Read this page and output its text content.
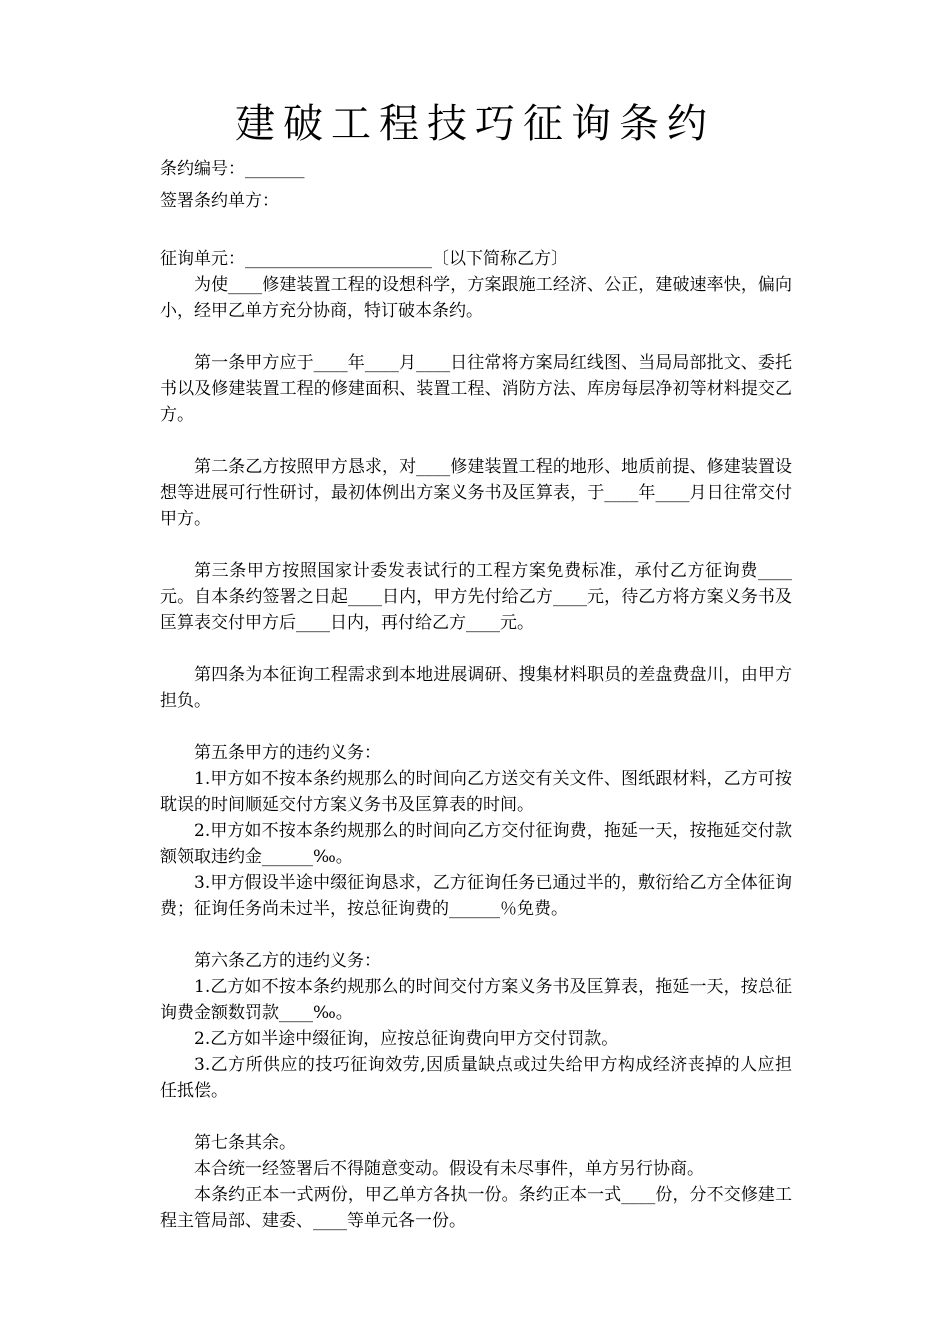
建破工程技巧征询条约

条约编号：_______

签署条约单方：

征询单元：______________________〔以下简称乙方〕

为使____修建装置工程的设想科学，方案跟施工经济、公正，建破速率快，偏向小，经甲乙单方充分协商，特订破本条约。

第一条甲方应于____年____月____日往常将方案局红线图、当局局部批文、委托书以及修建装置工程的修建面积、装置工程、消防方法、库房每层净初等材料提交乙方。

第二条乙方按照甲方恳求，对____修建装置工程的地形、地质前提、修建装置设想等进展可行性研讨，最初体例出方案义务书及匡算表，于____年____月日往常交付甲方。

第三条甲方按照国家计委发表试行的工程方案免费标准，承付乙方征询费____元。自本条约签署之日起____日内，甲方先付给乙方____元，待乙方将方案义务书及匡算表交付甲方后____日内，再付给乙方____元。

第四条为本征询工程需求到本地进展调研、搜集材料职员的差盘费盘川，由甲方担负。

第五条甲方的违约义务：

1.甲方如不按本条约规那么的时间向乙方送交有关文件、图纸跟材料，乙方可按耽误的时间顺延交付方案义务书及匡算表的时间。

2.甲方如不按本条约规那么的时间向乙方交付征询费，拖延一天，按拖延交付款额领取违约金______‰。

3.甲方假设半途中缀征询恳求，乙方征询任务已通过半的，敷衍给乙方全体征询费；征询任务尚未过半，按总征询费的______％免费。

第六条乙方的违约义务：

1.乙方如不按本条约规那么的时间交付方案义务书及匡算表，拖延一天，按总征询费金额数罚款____‰。

2.乙方如半途中缀征询，应按总征询费向甲方交付罚款。

3.乙方所供应的技巧征询效劳,因质量缺点或过失给甲方构成经济丧掉的人应担任抵偿。

第七条其余。

本合统一经签署后不得随意变动。假设有未尽事件，单方另行协商。

本条约正本一式两份，甲乙单方各执一份。条约正本一式____份，分不交修建工程主管局部、建委、____等单元各一份。
